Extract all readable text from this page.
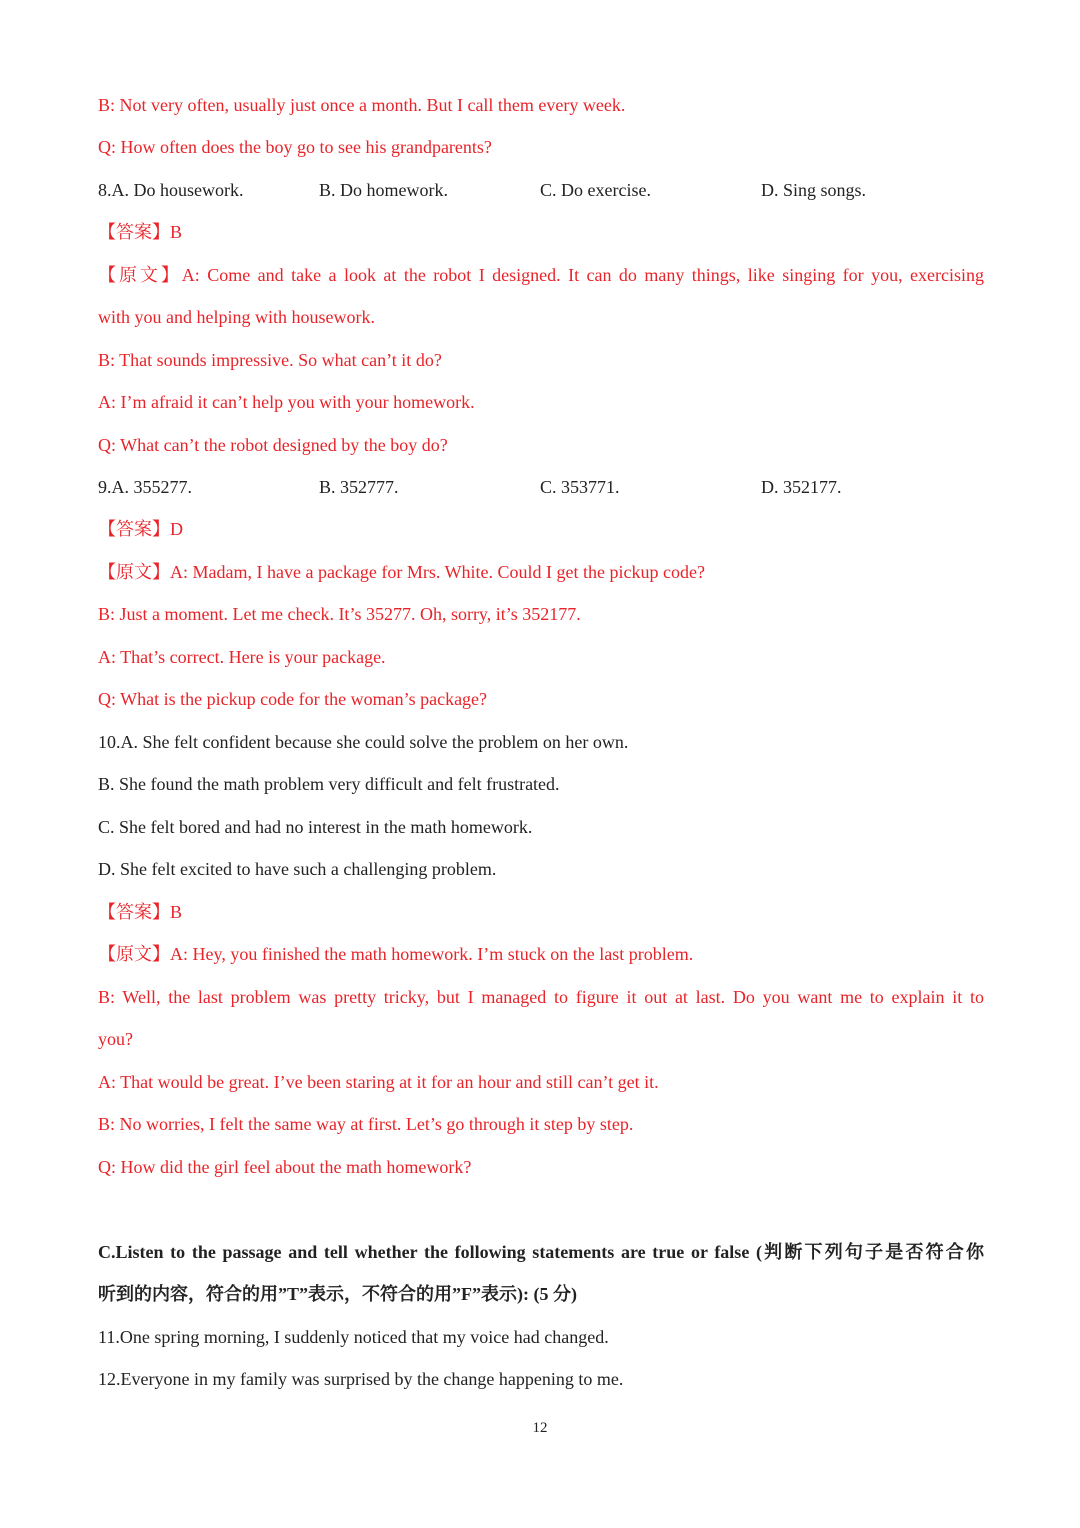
B: Not very often, usually just once a month. But I call them every week.
Q: How often does the boy go to see his grandparents?
8.A. Do housework.	B. Do homework.	C. Do exercise.	D. Sing songs.
【答案】B
【原文】A: Come and take a look at the robot I designed. It can do many things, like singing for you, exercising
with you and helping with housework.
B: That sounds impressive. So what can’t it do?
A: I’m afraid it can’t help you with your homework.
Q: What can’t the robot designed by the boy do?
9.A. 355277.	B. 352777.	C. 353771.	D. 352177.
【答案】D
【原文】A: Madam, I have a package for Mrs. White. Could I get the pickup code?
B: Just a moment. Let me check. It’s 35277. Oh, sorry, it’s 352177.
A: That’s correct. Here is your package.
Q: What is the pickup code for the woman’s package?
10.A. She felt confident because she could solve the problem on her own.
B. She found the math problem very difficult and felt frustrated.
C. She felt bored and had no interest in the math homework.
D. She felt excited to have such a challenging problem.
【答案】B
【原文】A: Hey, you finished the math homework. I’m stuck on the last problem.
B: Well, the last problem was pretty tricky, but I managed to figure it out at last. Do you want me to explain it to
you?
A: That would be great. I’ve been staring at it for an hour and still can’t get it.
B: No worries, I felt the same way at first. Let’s go through it step by step.
Q: How did the girl feel about the math homework?
C.Listen to the passage and tell whether the following statements are true or false (判断下列句子是否符合你
听到的内容，符合的用”T”表示，不符合的用”F”表示): (5 分)
11.One spring morning, I suddenly noticed that my voice had changed.
12.Everyone in my family was surprised by the change happening to me.
12
